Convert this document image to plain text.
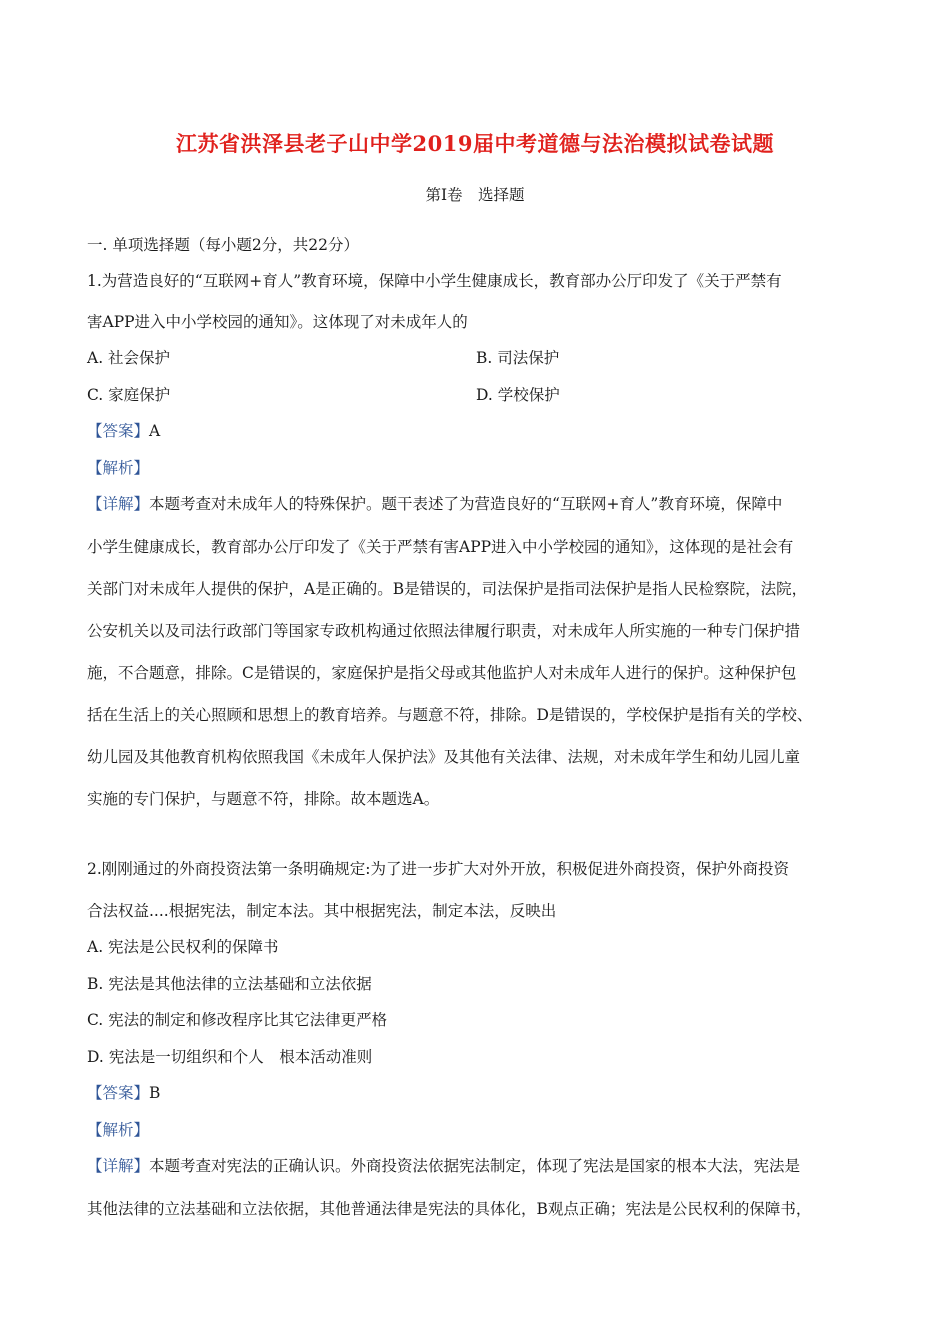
江苏省洪泽县老子山中学2019届中考道德与法治模拟试卷试题
第Ⅰ卷　选择题
一. 单项选择题（每小题2分，共22分）
1.为营造良好的“互联网+育人”教育环境，保障中小学生健康成长，教育部办公厅印发了《关于严禁有
害APP进入中小学校园的通知》。这体现了对未成年人的
A. 社会保护	B. 司法保护
C. 家庭保护	D. 学校保护
【答案】A
【解析】
【详解】本题考查对未成年人的特殊保护。题干表述了为营造良好的“互联网+育人”教育环境，保障中
小学生健康成长，教育部办公厅印发了《关于严禁有害APP进入中小学校园的通知》，这体现的是社会有
关部门对未成年人提供的保护，A是正确的。B是错误的，司法保护是指司法保护是指人民检察院，法院，
公安机关以及司法行政部门等国家专政机构通过依照法律履行职责，对未成年人所实施的一种专门保护措
施，不合题意，排除。C是错误的，家庭保护是指父母或其他监护人对未成年人进行的保护。这种保护包
括在生活上的关心照顾和思想上的教育培养。与题意不符，排除。D是错误的，学校保护是指有关的学校、
幼儿园及其他教育机构依照我国《未成年人保护法》及其他有关法律、法规，对未成年学生和幼儿园儿童
实施的专门保护，与题意不符，排除。故本题选A。
2.刚刚通过的外商投资法第一条明确规定:为了进一步扩大对外开放，积极促进外商投资，保护外商投资
合法权益....根据宪法，制定本法。其中根据宪法，制定本法，反映出
A. 宪法是公民权利的保障书
B. 宪法是其他法律的立法基础和立法依据
C. 宪法的制定和修改程序比其它法律更严格
D. 宪法是一切组织和个人　根本活动准则
【答案】B
【解析】
【详解】本题考查对宪法的正确认识。外商投资法依据宪法制定，体现了宪法是国家的根本大法，宪法是
其他法律的立法基础和立法依据，其他普通法律是宪法的具体化，B观点正确；宪法是公民权利的保障书，
